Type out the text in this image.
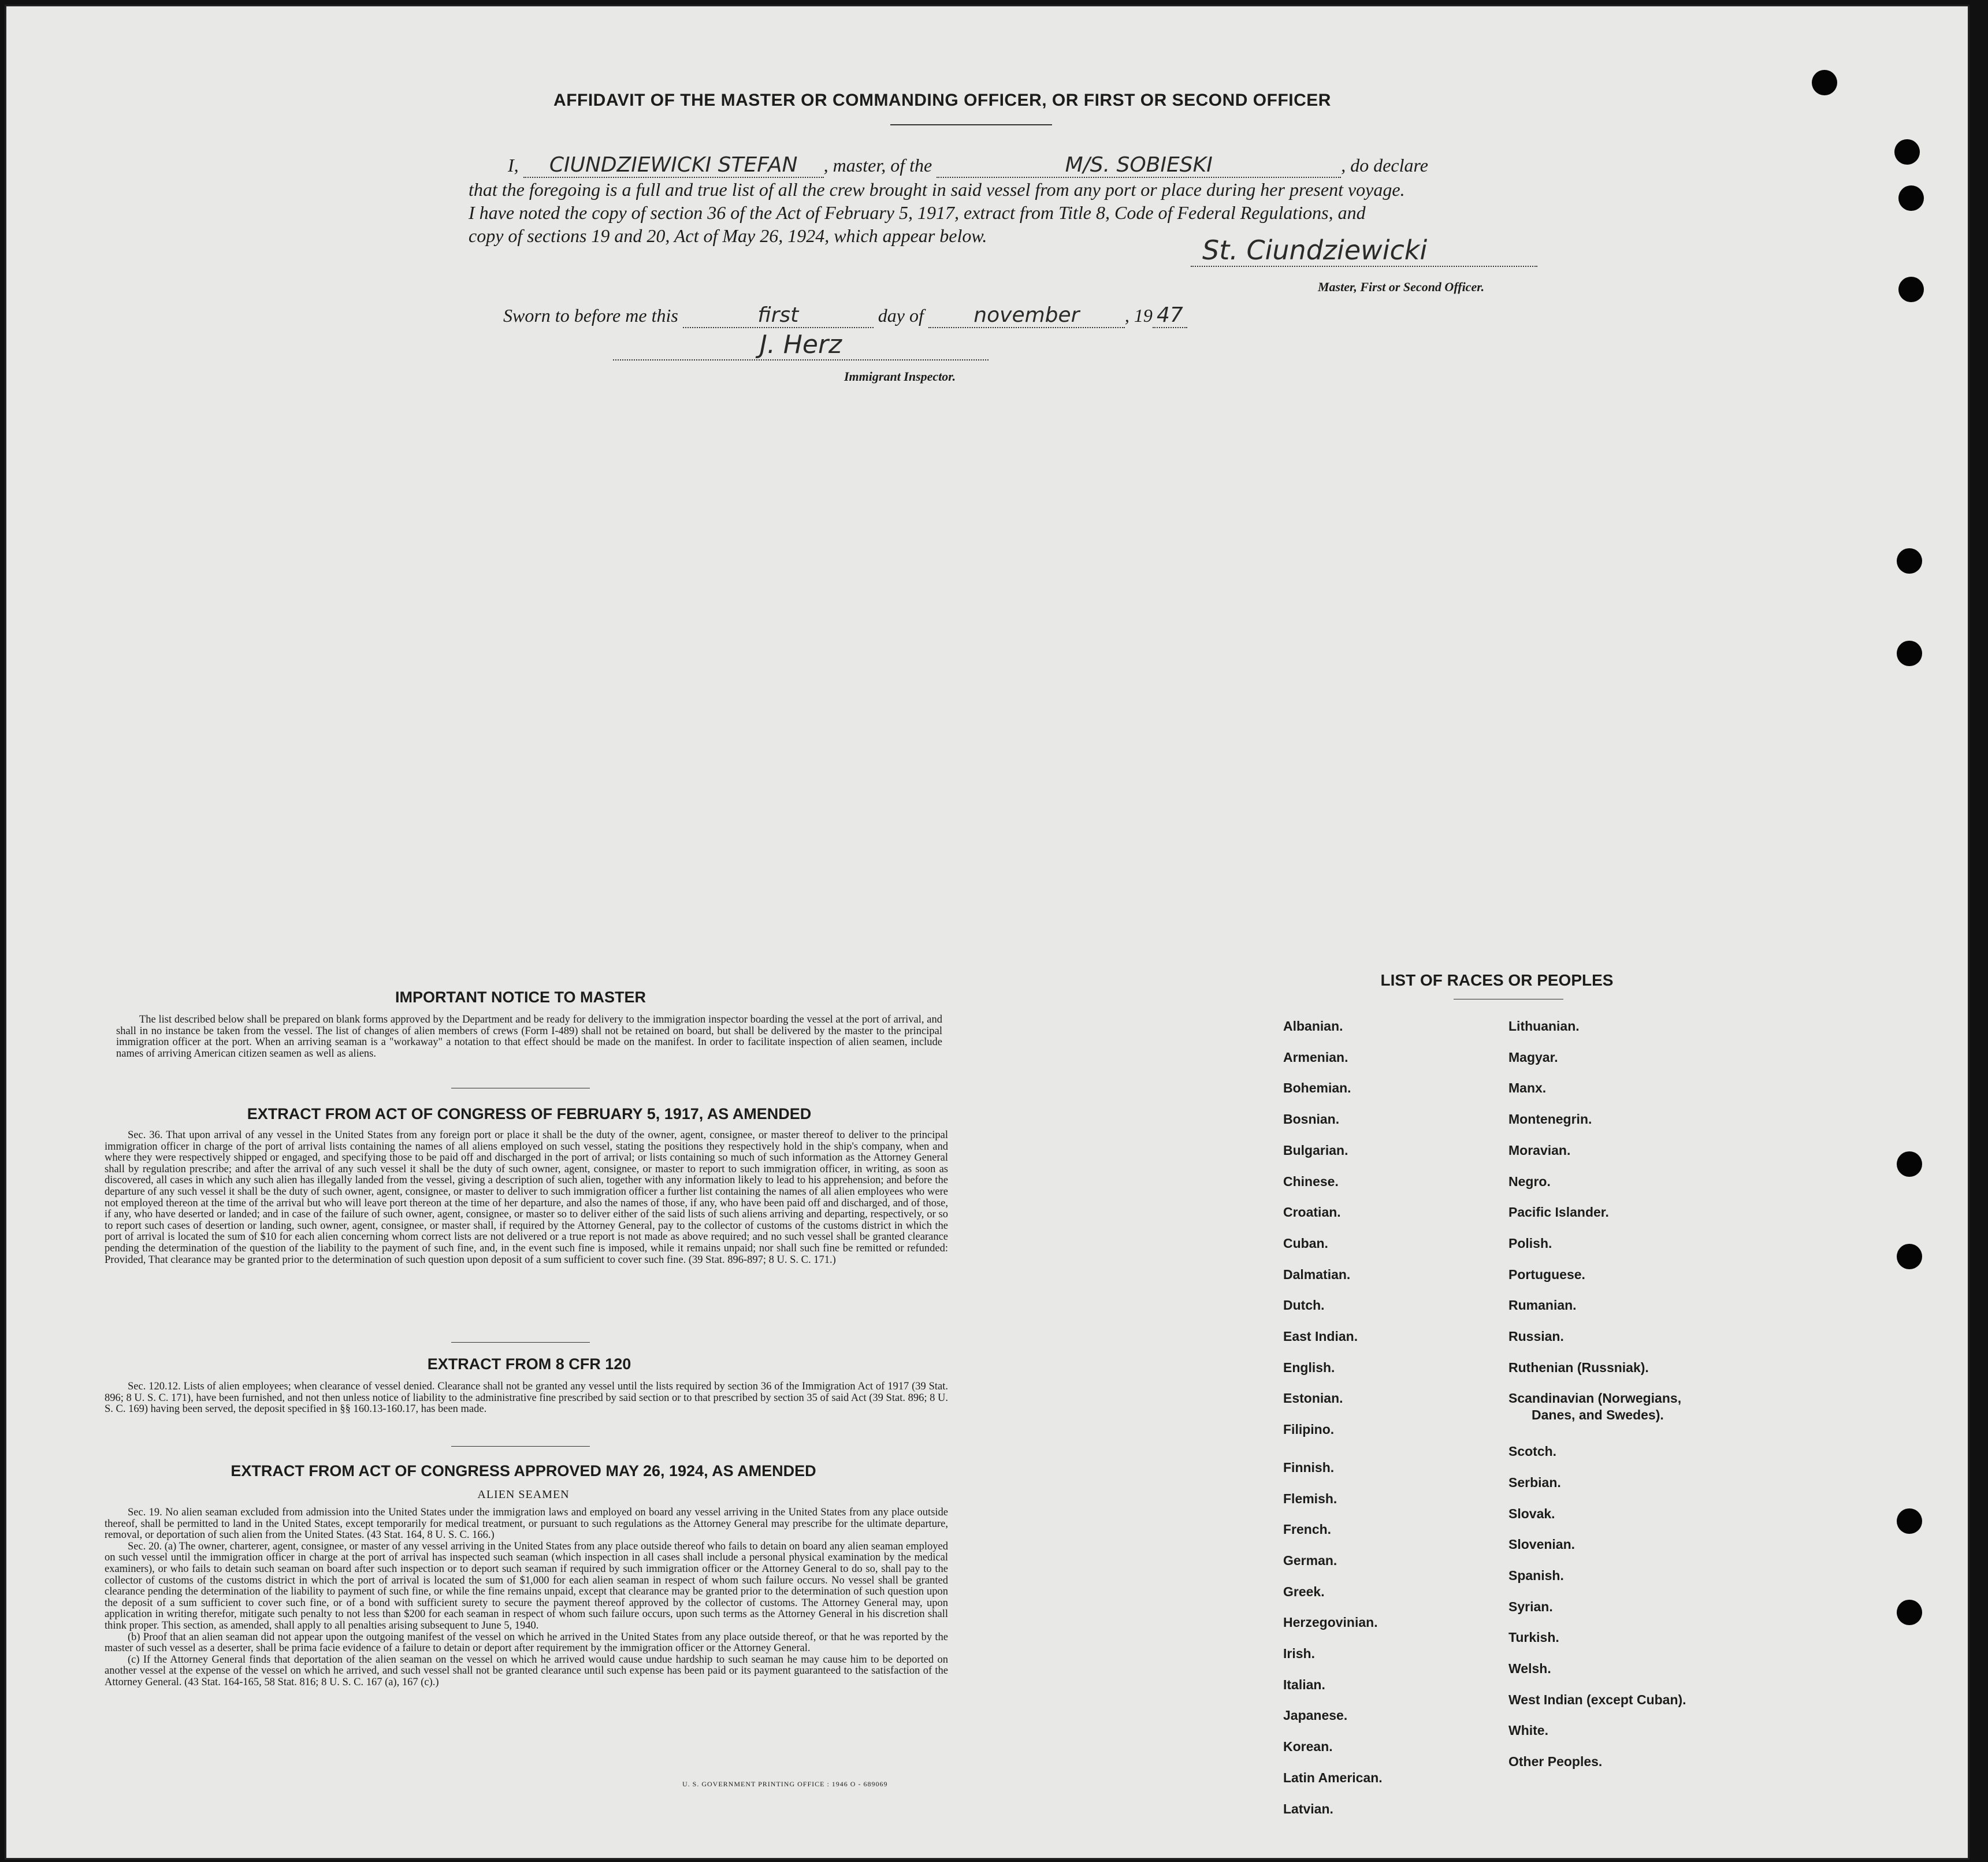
AFFIDAVIT OF THE MASTER OR COMMANDING OFFICER, OR FIRST OR SECOND OFFICER
I, CIUNDZIEWICKI STEFAN , master, of the	M/S. SOBIESKI	, do declare
that the foregoing is a full and true list of all the crew brought in said vessel from any port or place during her present voyage.
I have noted the copy of section 36 of the Act of February 5, 1917, extract from Title 8, Code of Federal Regulations, and
copy of sections 19 and 20, Act of May 26, 1924, which appear below.	St. Ciundziewicki
Master, First or Second Officer.
Sworn to before me this	first	day of november , 19 47
J. Herz
Immigrant Inspector.
IMPORTANT NOTICE TO MASTER

The list described below shall be prepared on blank forms approved by the Department and be ready for delivery to the immigration inspector boarding the vessel at the port of arrival, and shall in no instance be taken from the vessel. The list of changes of alien members of crews (Form I-489) shall not be retained on board, but shall be delivered by the master to the principal immigration officer at the port. When an arriving seaman is a "workaway" a notation to that effect should be made on the manifest. In order to facilitate inspection of alien seamen, include names of arriving American citizen seamen as well as aliens.

EXTRACT FROM ACT OF CONGRESS OF FEBRUARY 5, 1917, AS AMENDED

Sec. 36. That upon arrival of any vessel in the United States from any foreign port or place it shall be the duty of the owner, agent, consignee, or master thereof to deliver to the principal immigration officer in charge of the port of arrival lists containing the names of all aliens employed on such vessel, stating the positions they respectively hold in the ship's company, when and where they were respectively shipped or engaged, and specifying those to be paid off and discharged in the port of arrival; or lists containing so much of such information as the Attorney General shall by regulation prescribe; and after the arrival of any such vessel it shall be the duty of such owner, agent, consignee, or master to report to such immigration officer, in writing, as soon as discovered, all cases in which any such alien has illegally landed from the vessel, giving a description of such alien, together with any information likely to lead to his apprehension; and before the departure of any such vessel it shall be the duty of such owner, agent, consignee, or master to deliver to such immigration officer a further list containing the names of all alien employees who were not employed thereon at the time of the arrival but who will leave port thereon at the time of her departure, and also the names of those, if any, who have been paid off and discharged, and of those, if any, who have deserted or landed; and in case of the failure of such owner, agent, consignee, or master so to deliver either of the said lists of such aliens arriving and departing, respectively, or so to report such cases of desertion or landing, such owner, agent, consignee, or master shall, if required by the Attorney General, pay to the collector of customs of the customs district in which the port of arrival is located the sum of $10 for each alien concerning whom correct lists are not delivered or a true report is not made as above required; and no such vessel shall be granted clearance pending the determination of the question of the liability to the payment of such fine, and, in the event such fine is imposed, while it remains unpaid; nor shall such fine be remitted or refunded: Provided, That clearance may be granted prior to the determination of such question upon deposit of a sum sufficient to cover such fine. (39 Stat. 896-897; 8 U. S. C. 171.)

EXTRACT FROM 8 CFR 120

Sec. 120.12. Lists of alien employees; when clearance of vessel denied. Clearance shall not be granted any vessel until the lists required by section 36 of the Immigration Act of 1917 (39 Stat. 896; 8 U. S. C. 171), have been furnished, and not then unless notice of liability to the administrative fine prescribed by said section or to that prescribed by section 35 of said Act (39 Stat. 896; 8 U. S. C. 169) having been served, the deposit specified in §§ 160.13-160.17, has been made.

EXTRACT FROM ACT OF CONGRESS APPROVED MAY 26, 1924, AS AMENDED
ALIEN SEAMEN

Sec. 19. No alien seaman excluded from admission into the United States under the immigration laws and employed on board any vessel arriving in the United States from any place outside thereof, shall be permitted to land in the United States, except temporarily for medical treatment, or pursuant to such regulations as the Attorney General may prescribe for the ultimate departure, removal, or deportation of such alien from the United States. (43 Stat. 164, 8 U. S. C. 166.)

Sec. 20. (a) The owner, charterer, agent, consignee, or master of any vessel arriving in the United States from any place outside thereof who fails to detain on board any alien seaman employed on such vessel until the immigration officer in charge at the port of arrival has inspected such seaman (which inspection in all cases shall include a personal physical examination by the medical examiners), or who fails to detain such seaman on board after such inspection or to deport such seaman if required by such immigration officer or the Attorney General to do so, shall pay to the collector of customs of the customs district in which the port of arrival is located the sum of $1,000 for each alien seaman in respect of whom such failure occurs. No vessel shall be granted clearance pending the determination of the liability to payment of such fine, or while the fine remains unpaid, except that clearance may be granted prior to the determination of such question upon the deposit of a sum sufficient to cover such fine, or of a bond with sufficient surety to secure the payment thereof approved by the collector of customs. The Attorney General may, upon application in writing therefor, mitigate such penalty to not less than $200 for each seaman in respect of whom such failure occurs, upon such terms as the Attorney General in his discretion shall think proper. This section, as amended, shall apply to all penalties arising subsequent to June 5, 1940.

(b) Proof that an alien seaman did not appear upon the outgoing manifest of the vessel on which he arrived in the United States from any place outside thereof, or that he was reported by the master of such vessel as a deserter, shall be prima facie evidence of a failure to detain or deport after requirement by the immigration officer or the Attorney General.

(c) If the Attorney General finds that deportation of the alien seaman on the vessel on which he arrived would cause undue hardship to such seaman he may cause him to be deported on another vessel at the expense of the vessel on which he arrived, and such vessel shall not be granted clearance until such expense has been paid or its payment guaranteed to the satisfaction of the Attorney General. (43 Stat. 164-165, 58 Stat. 816; 8 U. S. C. 167 (a), 167 (c).)

U. S. GOVERNMENT PRINTING OFFICE : 1946 O - 689069
LIST OF RACES OR PEOPLES
Albanian.
Armenian.
Bohemian.
Bosnian.
Bulgarian.
Chinese.
Croatian.
Cuban.
Dalmatian.
Dutch.
East Indian.
English.
Estonian.
Filipino.
Finnish.
Flemish.
French.
German.
Greek.
Herzegovinian.
Irish.
Italian.
Japanese.
Korean.
Latin American.
Latvian.
Lithuanian.
Magyar.
Manx.
Montenegrin.
Moravian.
Negro.
Pacific Islander.
Polish.
Portuguese.
Rumanian.
Russian.
Ruthenian (Russniak).
Scandinavian (Norwegians,
Danes, and Swedes).
Scotch.
Serbian.
Slovak.
Slovenian.
Spanish.
Syrian.
Turkish.
Welsh.
West Indian (except Cuban).
White.
Other Peoples.
